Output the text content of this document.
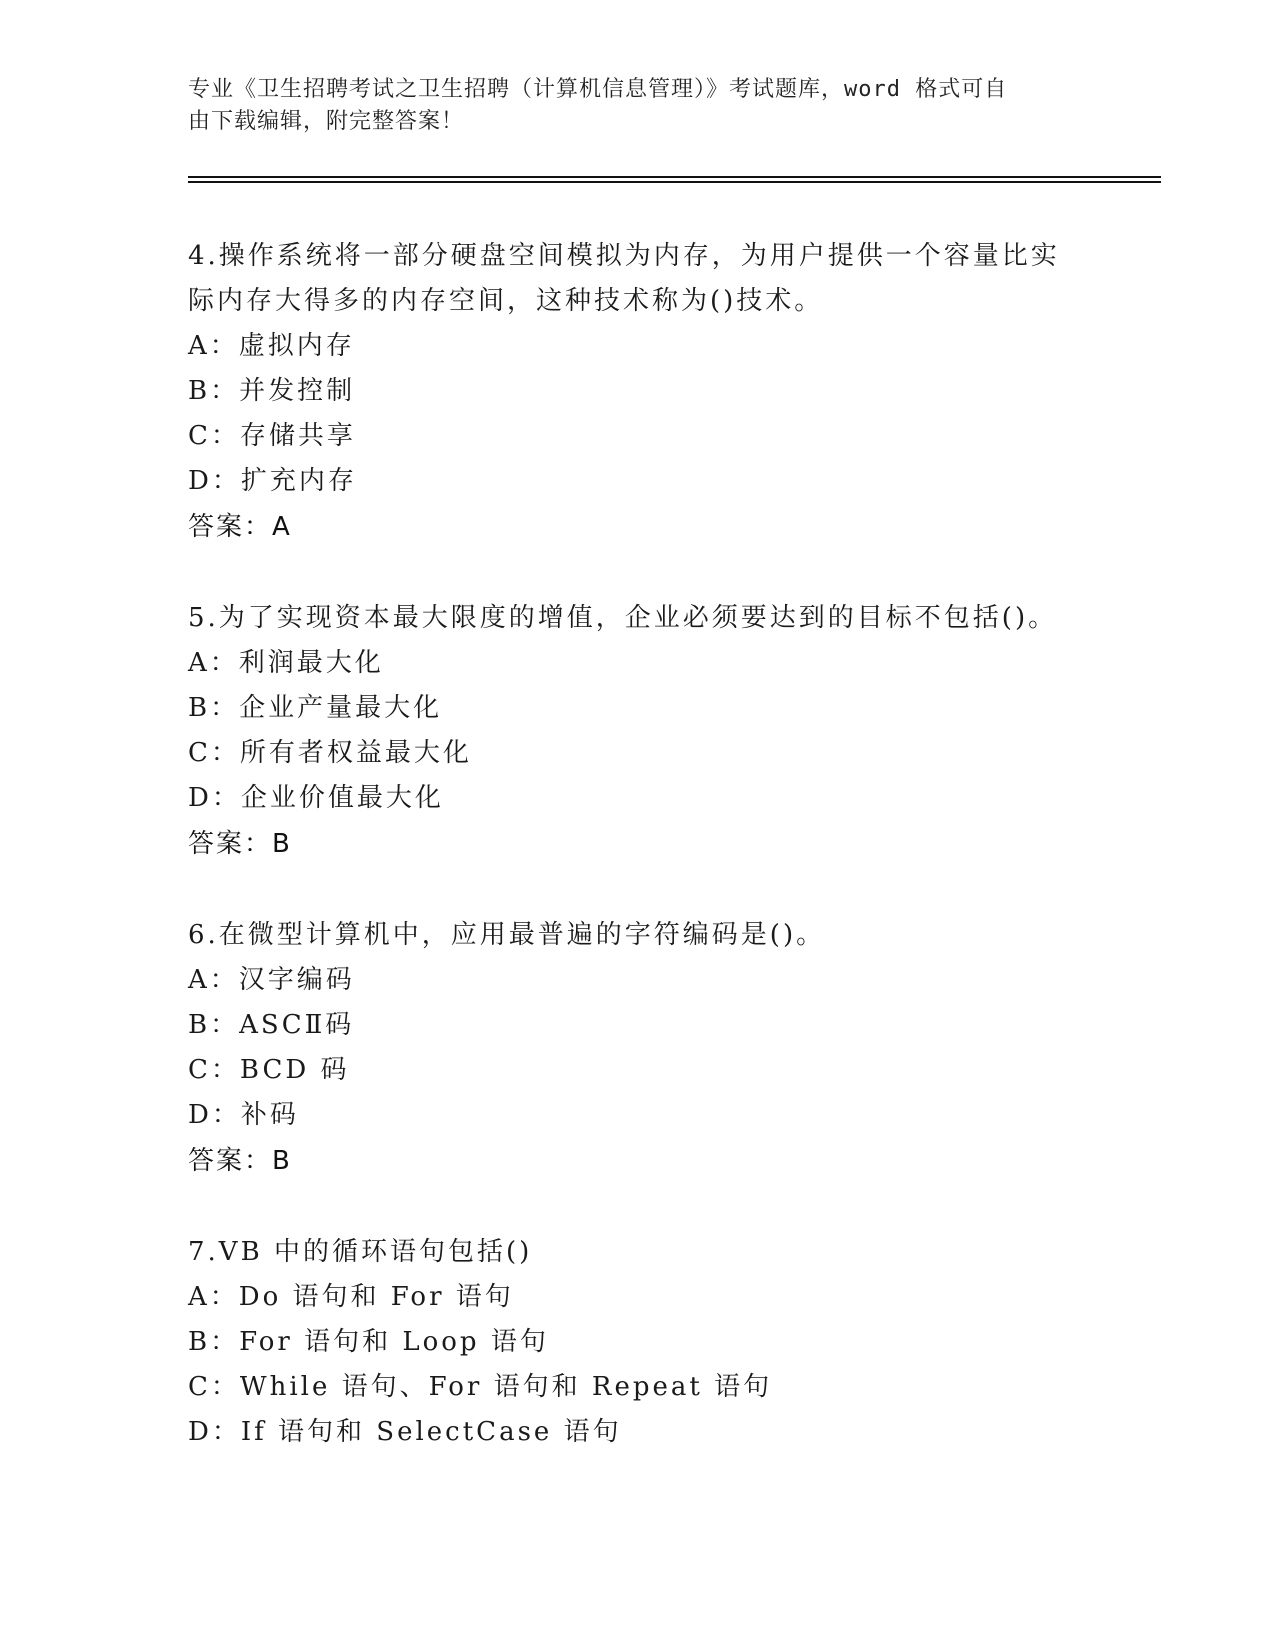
专业《卫生招聘考试之卫生招聘（计算机信息管理）》考试题库，word 格式可自
由下载编辑，附完整答案！

4.操作系统将一部分硬盘空间模拟为内存，为用户提供一个容量比实

际内存大得多的内存空间，这种技术称为()技术。

A：虚拟内存

B：并发控制

C：存储共享

D：扩充内存

答案：A

5.为了实现资本最大限度的增值，企业必须要达到的目标不包括()。

A：利润最大化

B：企业产量最大化

C：所有者权益最大化

D：企业价值最大化

答案：B

6.在微型计算机中，应用最普遍的字符编码是()。

A：汉字编码

B：ASCⅡ码

C：BCD 码

D：补码

答案：B

7.VB 中的循环语句包括()

A：Do 语句和 For 语句

B：For 语句和 Loop 语句

C：While 语句、For 语句和 Repeat 语句

D：If 语句和 SelectCase 语句
